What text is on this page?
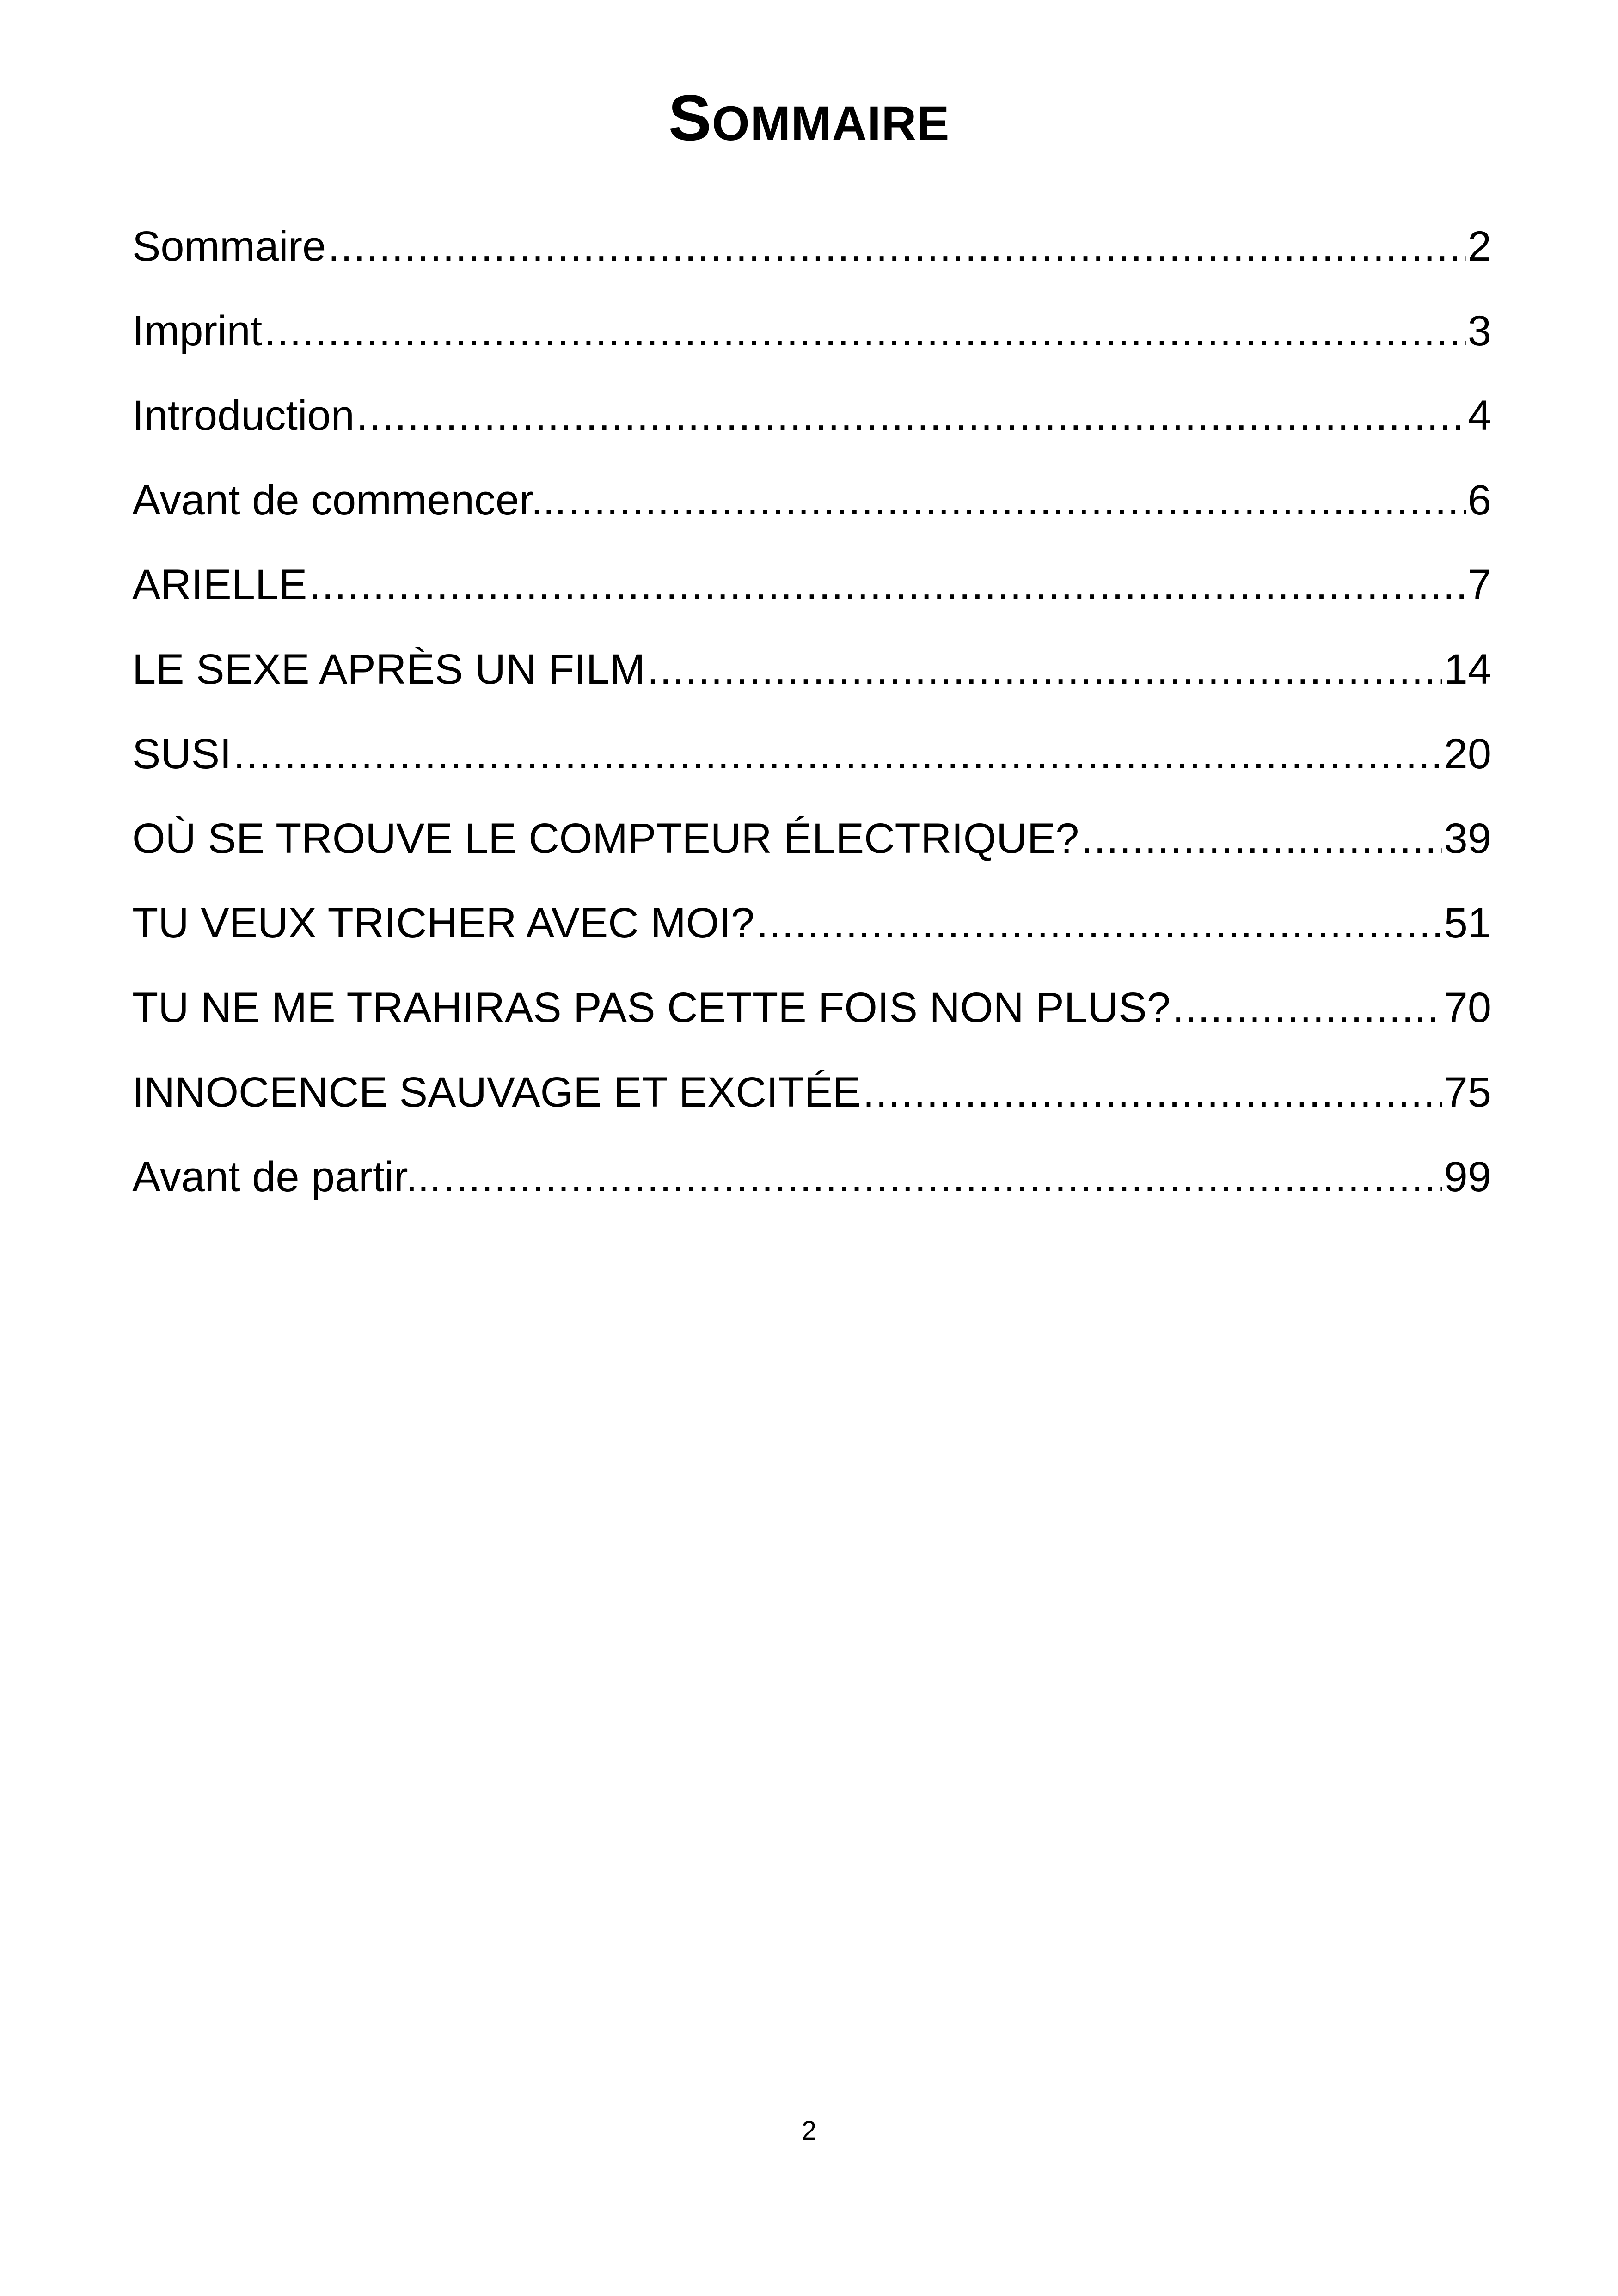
SOMMAIRE
Sommaire .....	2
Imprint .....	3
Introduction .....	4
Avant de commencer... .....	6
ARIELLE .....	7
LE SEXE APRÈS UN FILM .....	14
SUSI .....	20
OÙ SE TROUVE LE COMPTEUR ÉLECTRIQUE? .....	39
TU VEUX TRICHER AVEC MOI? .....	51
TU NE ME TRAHIRAS PAS CETTE FOIS NON PLUS? .....	70
INNOCENCE SAUVAGE ET EXCITÉE .....	75
Avant de partir... .....	99
2
